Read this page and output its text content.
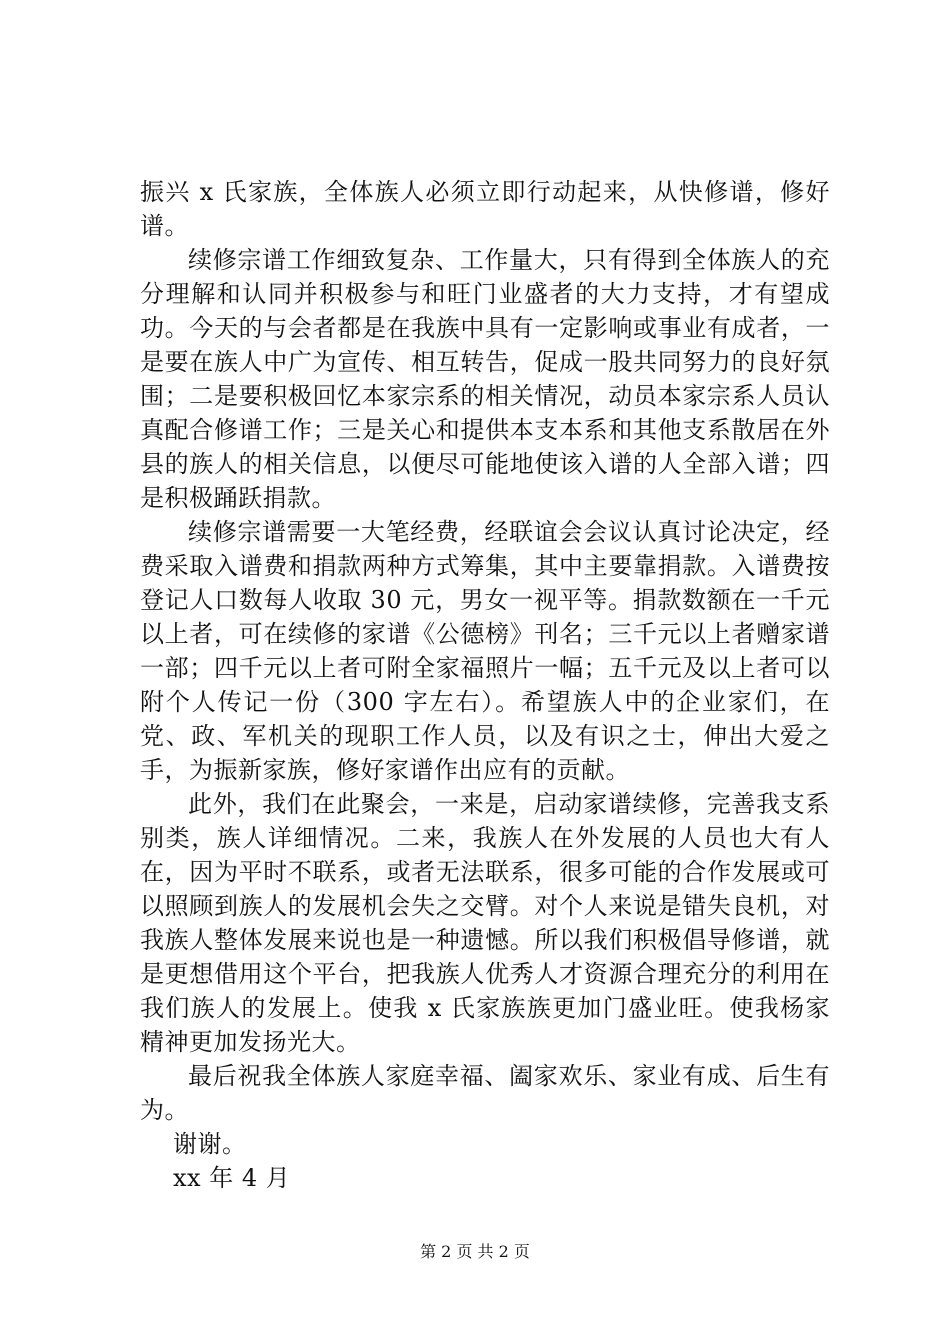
振兴 x 氏家族，全体族人必须立即行动起来，从快修谱，修好谱。

续修宗谱工作细致复杂、工作量大，只有得到全体族人的充分理解和认同并积极参与和旺门业盛者的大力支持，才有望成功。今天的与会者都是在我族中具有一定影响或事业有成者，一是要在族人中广为宣传、相互转告，促成一股共同努力的良好氛围；二是要积极回忆本家宗系的相关情况，动员本家宗系人员认真配合修谱工作；三是关心和提供本支本系和其他支系散居在外县的族人的相关信息，以便尽可能地使该入谱的人全部入谱；四是积极踊跃捐款。

续修宗谱需要一大笔经费，经联谊会会议认真讨论决定，经费采取入谱费和捐款两种方式筹集，其中主要靠捐款。入谱费按登记人口数每人收取 30 元，男女一视平等。捐款数额在一千元以上者，可在续修的家谱《公德榜》刊名；三千元以上者赠家谱一部；四千元以上者可附全家福照片一幅；五千元及以上者可以附个人传记一份（300 字左右）。希望族人中的企业家们，在党、政、军机关的现职工作人员，以及有识之士，伸出大爱之手，为振新家族，修好家谱作出应有的贡献。

此外，我们在此聚会，一来是，启动家谱续修，完善我支系别类，族人详细情况。二来，我族人在外发展的人员也大有人在，因为平时不联系，或者无法联系，很多可能的合作发展或可以照顾到族人的发展机会失之交臂。对个人来说是错失良机，对我族人整体发展来说也是一种遗憾。所以我们积极倡导修谱，就是更想借用这个平台，把我族人优秀人才资源合理充分的利用在我们族人的发展上。使我 x 氏家族族更加门盛业旺。使我杨家精神更加发扬光大。

最后祝我全体族人家庭幸福、阖家欢乐、家业有成、后生有为。

谢谢。

xx 年 4 月

第 2 页 共 2 页
